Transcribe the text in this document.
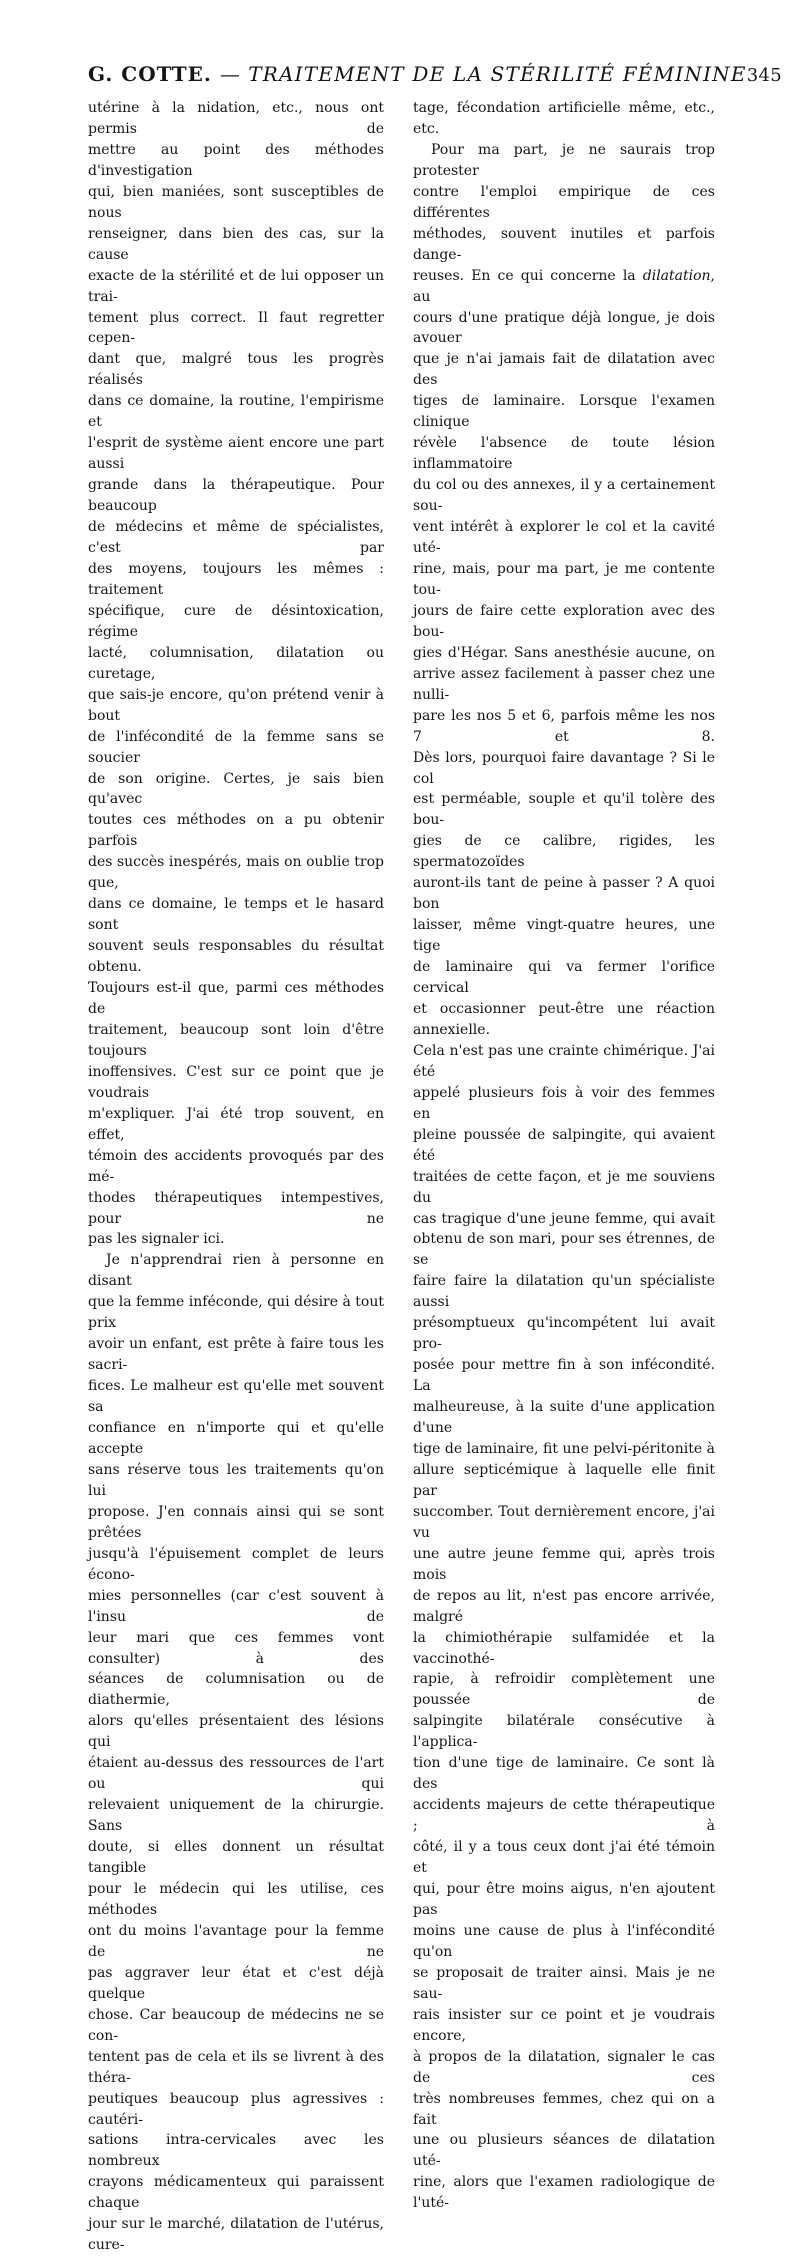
G. COTTE. — TRAITEMENT DE LA STÉRILITÉ FÉMININE 345

utérine à la nidation, etc., nous ont permis de

mettre au point des méthodes d'investigation

qui, bien maniées, sont susceptibles de nous

renseigner, dans bien des cas, sur la cause

exacte de la stérilité et de lui opposer un trai-

tement plus correct. Il faut regretter cepen-

dant que, malgré tous les progrès réalisés

dans ce domaine, la routine, l'empirisme et

l'esprit de système aient encore une part aussi

grande dans la thérapeutique. Pour beaucoup

de médecins et même de spécialistes, c'est par

des moyens, toujours les mêmes : traitement

spécifique, cure de désintoxication, régime

lacté, columnisation, dilatation ou curetage,

que sais-je encore, qu'on prétend venir à bout

de l'infécondité de la femme sans se soucier

de son origine. Certes, je sais bien qu'avec

toutes ces méthodes on a pu obtenir parfois

des succès inespérés, mais on oublie trop que,

dans ce domaine, le temps et le hasard sont

souvent seuls responsables du résultat obtenu.

Toujours est-il que, parmi ces méthodes de

traitement, beaucoup sont loin d'être toujours

inoffensives. C'est sur ce point que je voudrais

m'expliquer. J'ai été trop souvent, en effet,

témoin des accidents provoqués par des mé-

thodes thérapeutiques intempestives, pour ne

pas les signaler ici.

Je n'apprendrai rien à personne en disant

que la femme inféconde, qui désire à tout prix

avoir un enfant, est prête à faire tous les sacri-

fices. Le malheur est qu'elle met souvent sa

confiance en n'importe qui et qu'elle accepte

sans réserve tous les traitements qu'on lui

propose. J'en connais ainsi qui se sont prêtées

jusqu'à l'épuisement complet de leurs écono-

mies personnelles (car c'est souvent à l'insu de

leur mari que ces femmes vont consulter) à des

séances de columnisation ou de diathermie,

alors qu'elles présentaient des lésions qui

étaient au-dessus des ressources de l'art ou qui

relevaient uniquement de la chirurgie. Sans

doute, si elles donnent un résultat tangible

pour le médecin qui les utilise, ces méthodes

ont du moins l'avantage pour la femme de ne

pas aggraver leur état et c'est déjà quelque

chose. Car beaucoup de médecins ne se con-

tentent pas de cela et ils se livrent à des théra-

peutiques beaucoup plus agressives : cautéri-

sations intra-cervicales avec les nombreux

crayons médicamenteux qui paraissent chaque

jour sur le marché, dilatation de l'utérus, cure-

tage, fécondation artificielle même, etc., etc.

Pour ma part, je ne saurais trop protester

contre l'emploi empirique de ces différentes

méthodes, souvent inutiles et parfois dange-

reuses. En ce qui concerne la dilatation, au

cours d'une pratique déjà longue, je dois avouer

que je n'ai jamais fait de dilatation avec des

tiges de laminaire. Lorsque l'examen clinique

révèle l'absence de toute lésion inflammatoire

du col ou des annexes, il y a certainement sou-

vent intérêt à explorer le col et la cavité uté-

rine, mais, pour ma part, je me contente tou-

jours de faire cette exploration avec des bou-

gies d'Hégar. Sans anesthésie aucune, on

arrive assez facilement à passer chez une nulli-

pare les nos 5 et 6, parfois même les nos 7 et 8.

Dès lors, pourquoi faire davantage ? Si le col

est perméable, souple et qu'il tolère des bou-

gies de ce calibre, rigides, les spermatozoïdes

auront-ils tant de peine à passer ? A quoi bon

laisser, même vingt-quatre heures, une tige

de laminaire qui va fermer l'orifice cervical

et occasionner peut-être une réaction annexielle.

Cela n'est pas une crainte chimérique. J'ai été

appelé plusieurs fois à voir des femmes en

pleine poussée de salpingite, qui avaient été

traitées de cette façon, et je me souviens du

cas tragique d'une jeune femme, qui avait

obtenu de son mari, pour ses étrennes, de se

faire faire la dilatation qu'un spécialiste aussi

présomptueux qu'incompétent lui avait pro-

posée pour mettre fin à son infécondité. La

malheureuse, à la suite d'une application d'une

tige de laminaire, fit une pelvi-péritonite à

allure septicémique à laquelle elle finit par

succomber. Tout dernièrement encore, j'ai vu

une autre jeune femme qui, après trois mois

de repos au lit, n'est pas encore arrivée, malgré

la chimiothérapie sulfamidée et la vaccinothé-

rapie, à refroidir complètement une poussée de

salpingite bilatérale consécutive à l'applica-

tion d'une tige de laminaire. Ce sont là des

accidents majeurs de cette thérapeutique ; à

côté, il y a tous ceux dont j'ai été témoin et

qui, pour être moins aigus, n'en ajoutent pas

moins une cause de plus à l'infécondité qu'on

se proposait de traiter ainsi. Mais je ne sau-

rais insister sur ce point et je voudrais encore,

à propos de la dilatation, signaler le cas de ces

très nombreuses femmes, chez qui on a fait

une ou plusieurs séances de dilatation uté-

rine, alors que l'examen radiologique de l'uté-
